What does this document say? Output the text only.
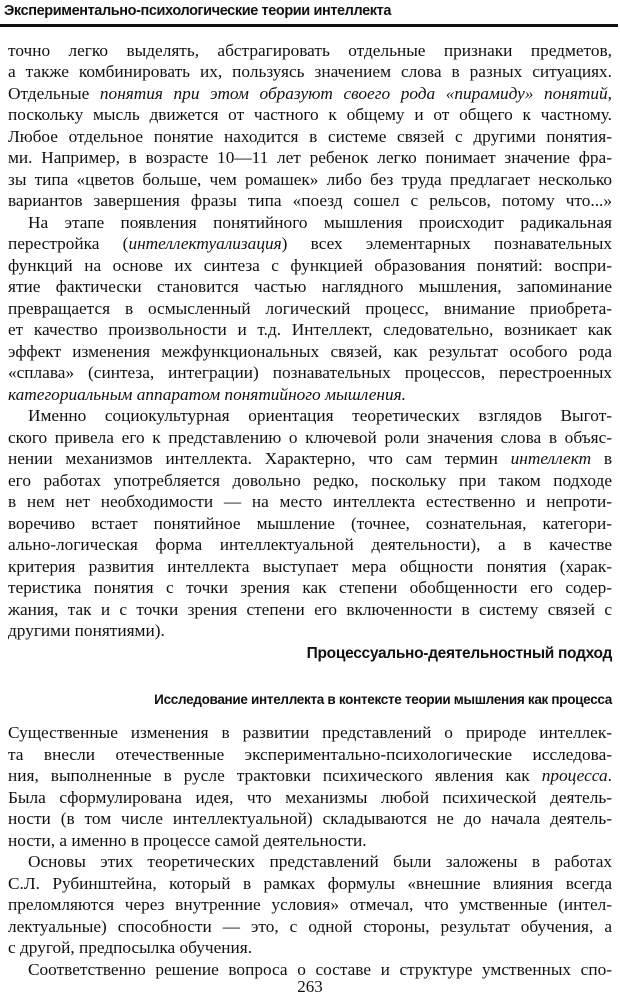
Экспериментально-психологические теории интеллекта
точно легко выделять, абстрагировать отдельные признаки предметов,
а также комбинировать их, пользуясь значением слова в разных ситуациях.
Отдельные понятия при этом образуют своего рода «пирамиду» понятий,
поскольку мысль движется от частного к общему и от общего к частному.
Любое отдельное понятие находится в системе связей с другими понятия-
ми. Например, в возрасте 10—11 лет ребенок легко понимает значение фра-
зы типа «цветов больше, чем ромашек» либо без труда предлагает несколько
вариантов завершения фразы типа «поезд сошел с рельсов, потому что...»
На этапе появления понятийного мышления происходит радикальная
перестройка (интеллектуализация) всех элементарных познавательных
функций на основе их синтеза с функцией образования понятий: воспри-
ятие фактически становится частью наглядного мышления, запоминание
превращается в осмысленный логический процесс, внимание приобрета-
ет качество произвольности и т.д. Интеллект, следовательно, возникает как
эффект изменения межфункциональных связей, как результат особого рода
«сплава» (синтеза, интеграции) познавательных процессов, перестроенных
категориальным аппаратом понятийного мышления.
Именно социокультурная ориентация теоретических взглядов Выгот-
ского привела его к представлению о ключевой роли значения слова в объяс-
нении механизмов интеллекта. Характерно, что сам термин интеллект в
его работах употребляется довольно редко, поскольку при таком подходе
в нем нет необходимости — на место интеллекта естественно и непроти-
воречиво встает понятийное мышление (точнее, сознательная, категори-
ально-логическая форма интеллектуальной деятельности), а в качестве
критерия развития интеллекта выступает мера общности понятия (харак-
теристика понятия с точки зрения как степени обобщенности его содер-
жания, так и с точки зрения степени его включенности в систему связей с
другими понятиями).
Процессуально-деятельностный подход
Исследование интеллекта в контексте теории мышления как процесса
Существенные изменения в развитии представлений о природе интеллек-
та внесли отечественные экспериментально-психологические исследова-
ния, выполненные в русле трактовки психического явления как процесса.
Была сформулирована идея, что механизмы любой психической деятель-
ности (в том числе интеллектуальной) складываются не до начала деятель-
ности, а именно в процессе самой деятельности.
Основы этих теоретических представлений были заложены в работах
С.Л. Рубинштейна, который в рамках формулы «внешние влияния всегда
преломляются через внутренние условия» отмечал, что умственные (интел-
лектуальные) способности — это, с одной стороны, результат обучения, а
с другой, предпосылка обучения.
Соответственно решение вопроса о составе и структуре умственных спо-
263
